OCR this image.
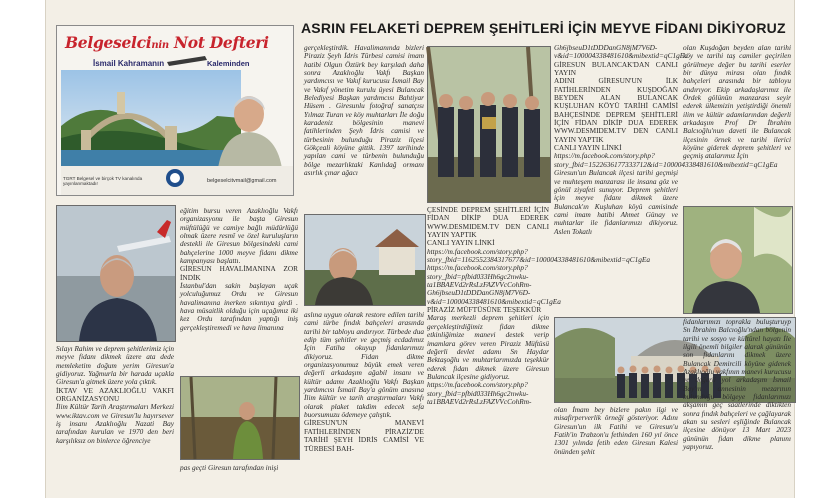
Belgeselcinin Not Defteri
İsmail Kahramanın	Kaleminden
TGRT Belgesel ve birçok TV kanalında yayınlanmaktadır	belgeselcitvmail@gmail.com
ASRIN FELAKETİ DEPREM ŞEHİTLERİ İÇİN MEYVE FİDANI DİKİYORUZ

Sılayı Rahim ve deprem şehitlerimiz için meyve fidanı dikmek üzere ata dede memleketim doğum yerim Giresun'a gidiyoruz. Yağmurla bir harada uçakla Giresun'a gitmek üzere yola çıktık.

İKTAV VE AZAKLIOĞLU VAKFI ORGANİZASYONU

İlim Kültür Tarih Araştırmaları Merkezi www.iktav.com ve Giresun'lu hayırsever iş insanı Azaklıoğlu Nazati Bay tarafından kurulan ve 1970 den beri karşılıksız on binlerce öğrenciye

eğitim bursu veren Azaklıoğlu Vakfı organizasyonu ile başta Giresun müftülüğü ve camiye bağlı müdürlüğü olmak üzere resmî ve özel kuruluşların destekli ile Giresun bölgesindeki cami bahçelerine 1000 meyve fidanı dikme kampanyası başlattı.

GİRESUN HAVALİMANINA ZOR İNDİK

İstanbul'dan sakin başlayan uçak yolculuğumuz Ordu ve Giresun havalimanına inerken sıkıntıya girdi . hava müsaitlik olduğu için uçağımız iki kez Ordu tarafından yaptığı iniş gerçekleştiremedi ve hava limanına

pas geçti Giresun tarafından inişi

gerçekleştirdik. Havalimanında bizleri Piraziz Şeyh İdris Türbesi camisi imam hatibi Olgun Öztürk bey karşıladı daha sonra Azaklıoğlu Vakfı Başkan yardımcısı ve Vakıf kurucusu İsmail Bay ve Vakıf yönetim kurulu üyesi Bulancak Belediyesi Başkan yardımcısı Bahtiyar Hüsem . Giresunlu fotoğraf sanatçısı Yılmaz Turan ve köy muhtarları İle doğu karadeniz bölgesinin manevi fatihlerinden Şeyh İdris camisi ve türbesinin bulunduğu Piraziz ilçesi Gökçeali köyüne gittik. 1397 tarihinde yapılan cami ve türbenin bulunduğu bölge mezarlıktaki Kanlıdağ ormanı asırlık çınar ağacı

aslına uygun olarak restore edilen tarihi cami türbe fındık bahçeleri arasında tarihi bir tabloyu andırıyor. Türbede dua edip tüm şehitler ve geçmiş ecdadımız İçin Fatiha okuyup fidanlarımızı dikiyoruz. Fidan dikme organizasyonumuz büyük emek veren değerli arkadaşım ağabil insanı ve kültür adamı Azaklıoğlu Vakfı Başkan yardımcısı İsmail Bay'a gönüm anasına İlim kültür ve tarih araştırmaları Vakfı olarak plaket takdim edecek sefa buorsumuzu ödemeye çalıştık.

GİRESUN'UN MANEVİ FATİHLERİNDEN PİRAZİZ'DE TARİHİ ŞEYH İDRİS CAMİSİ VE TÜRBESİ BAH-

ÇESİNDE DEPREM ŞEHİTLERİ İÇİN FİDAN DİKİP DUA EDEREK WWW.DESMIDEM.TV DEN CANLI YAYIN YAPTIK

CANLI YAYIN LİNKİ

https://m.facebook.com/story.php?story_fbid=1162552384317677&id=100004338481610&mibextid=qC1gEa

https://m.facebook.com/story.php?story_fbid=pfbid033Hh6gc2nwku-ta1BBAEVd2rRsLzFAZVVcCohRm-Gh6jbseuD1tDDDanGN8jM7V6D-v&id=100004338481610&mibextid=qC1gEa

PİRAZİZ MÜFTÜSÜNE TEŞEKKÜR

Maraş merkezli deprem şehitleri için gerçekleştirdiğimiz fidan dikme etkinliğimize manevi destek verip imamlara görev veren Piraziz Müftüsü değerli devlet adamı Sn Haydar Bektaşoğlu ve muhtarlarımızda teşekkür ederek fidan dikmek üzere Giresun Bulancak ilçesine gidiyoruz.

https://m.facebook.com/story.php?story_fbid=pfbid033Hh6gc2nwku-ta1BBAEVd2rRsLzFAZVVcCohRm-

Gh6jbseuD1tDDDanGN8jM7V6D-v&id=100004338481610&mibextid=qC1gEa

GİRESUN BULANCAK'DAN CANLI YAYIN

ADINI GİRESUN'UN İLK FATİHLERİNDEN KUŞDOĞAN BEYDEN ALAN BULANCAK KUŞLUHAN KÖYÜ TARİHİ CAMİSİ BAHÇESİNDE DEPREM ŞEHİTLERİ İÇİN FİDAN DİKİP DUA EDEREK WWW.DESMIDEM.TV DEN CANLI YAYIN YAPTIK

CANLI YAYIN LİNKİ

https://m.facebook.com/story.php?story_fbid=1522636177333712&id=100004338481610&mibextid=qC1gEa

Giresun'un Bulancak ilçesi tarihi geçmişi ve muhteşem manzarası ile insana göz ve gönül ziyafeti sunuyor. Deprem şehitleri için meyve fidanı dikmek üzere Bulancak'ın Kuşluhan köyü camisinde cami imam hatibi Ahmet Günay ve muhtarlar ile fidanlarımızı dikiyoruz. Aslen Tokatlı

olan İmam bey bizlere pakın ilgi ve misafirperverlik örneği gösteriyor. Adını Giresun'un ilk Fatihi ve Giresun'u Fatih'in Trabzon'u fethinden 160 yıl önce 1301 yılında fetih eden Giresun Kalesi önünden şehit
olan Kuşdoğan beyden alan tarihi köy ve tarihi taş camiler geçirilen görülmeye değer bu tarihi eserler bir dünya mirası olan fındık bahçeleri arasında bir tabloyu andırıyor. Ekip arkadaşlarımız ile Ördek gölünün manzarası seyir ederek ülkemizin yetiştirdiği önemli ilim ve kültür adamlarından değerli arkadaşım Prof Dr İbrahim Balcıoğlu'nun daveti ile Bulancak ilçesinin örnek ve tarihi ilerici köyüne giderek deprem şehitleri ve geçmiş atalarımız İçin
fidanlarımızı toprakla buluşturuyp Sn İbrahim Balcıoğlu'ndan bölgenin tarihi ve sosyo ve kültürel hayatı İle ilgili önemli bilgiler alarak gününün son fidanlarını dikmek üzere Bulancak Demircili köyüne gidenek Azaklıoğlu vakfının manevi kurucusu ve değerli yol arkadaşım İsmail Bay'ın annesinin mezarının bulunduğu bölgeye fidanlarımızı akşamın geç saatlerinde diktikten sonra fındık bahçeleri ve çağlayarak akan su sesleri eşliğinde Bulancak ilçesine dönüyor 13 Mart 2023 gününün fidan dikme planını yapıyoruz.
